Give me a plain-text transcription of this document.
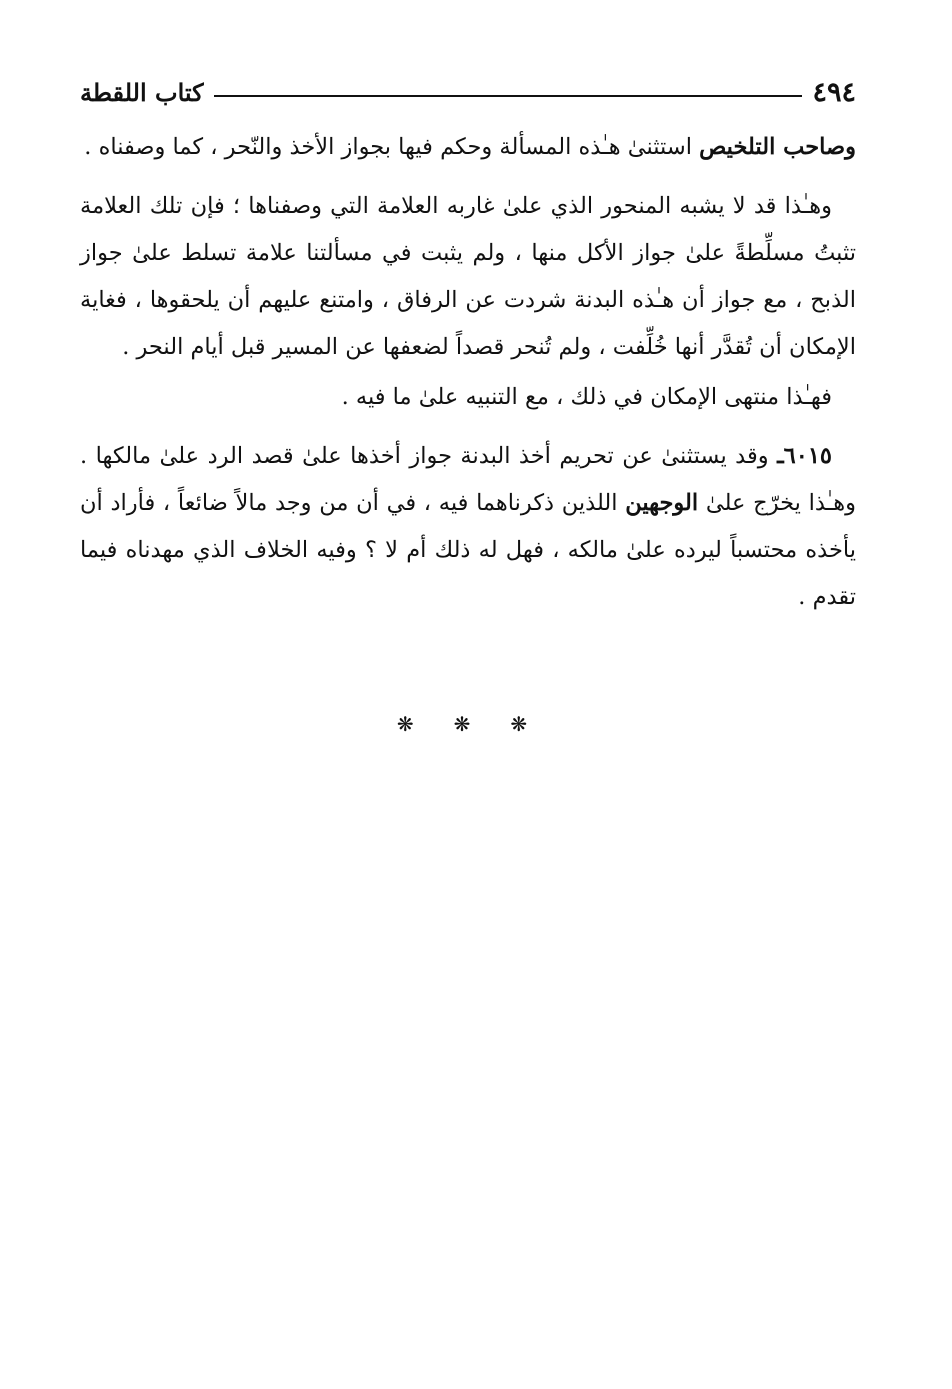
٤٩٤
كتاب اللقطة

وصاحب التلخيص استثنىٰ هـٰذه المسألة وحكم فيها بجواز الأخذ والنّحر ، كما وصفناه .

وهـٰذا قد لا يشبه المنحور الذي علىٰ غاربه العلامة التي وصفناها ؛ فإن تلك العلامة تثبتُ مسلِّطةً علىٰ جواز الأكل منها ، ولم يثبت في مسألتنا علامة تسلط علىٰ جواز الذبح ، مع جواز أن هـٰذه البدنة شردت عن الرفاق ، وامتنع عليهم أن يلحقوها ، فغاية الإمكان أن تُقدَّر أنها خُلِّفت ، ولم تُنحر قصداً لضعفها عن المسير قبل أيام النحر .

فهـٰذا منتهى الإمكان في ذلك ، مع التنبيه علىٰ ما فيه .

٦٠١٥ـ وقد يستثنىٰ عن تحريم أخذ البدنة جواز أخذها علىٰ قصد الرد علىٰ مالكها . وهـٰذا يخرّج علىٰ الوجهين اللذين ذكرناهما فيه ، في أن من وجد مالاً ضائعاً ، فأراد أن يأخذه محتسباً ليرده علىٰ مالكه ، فهل له ذلك أم لا ؟ وفيه الخلاف الذي مهدناه فيما تقدم .

❋ ❋ ❋
